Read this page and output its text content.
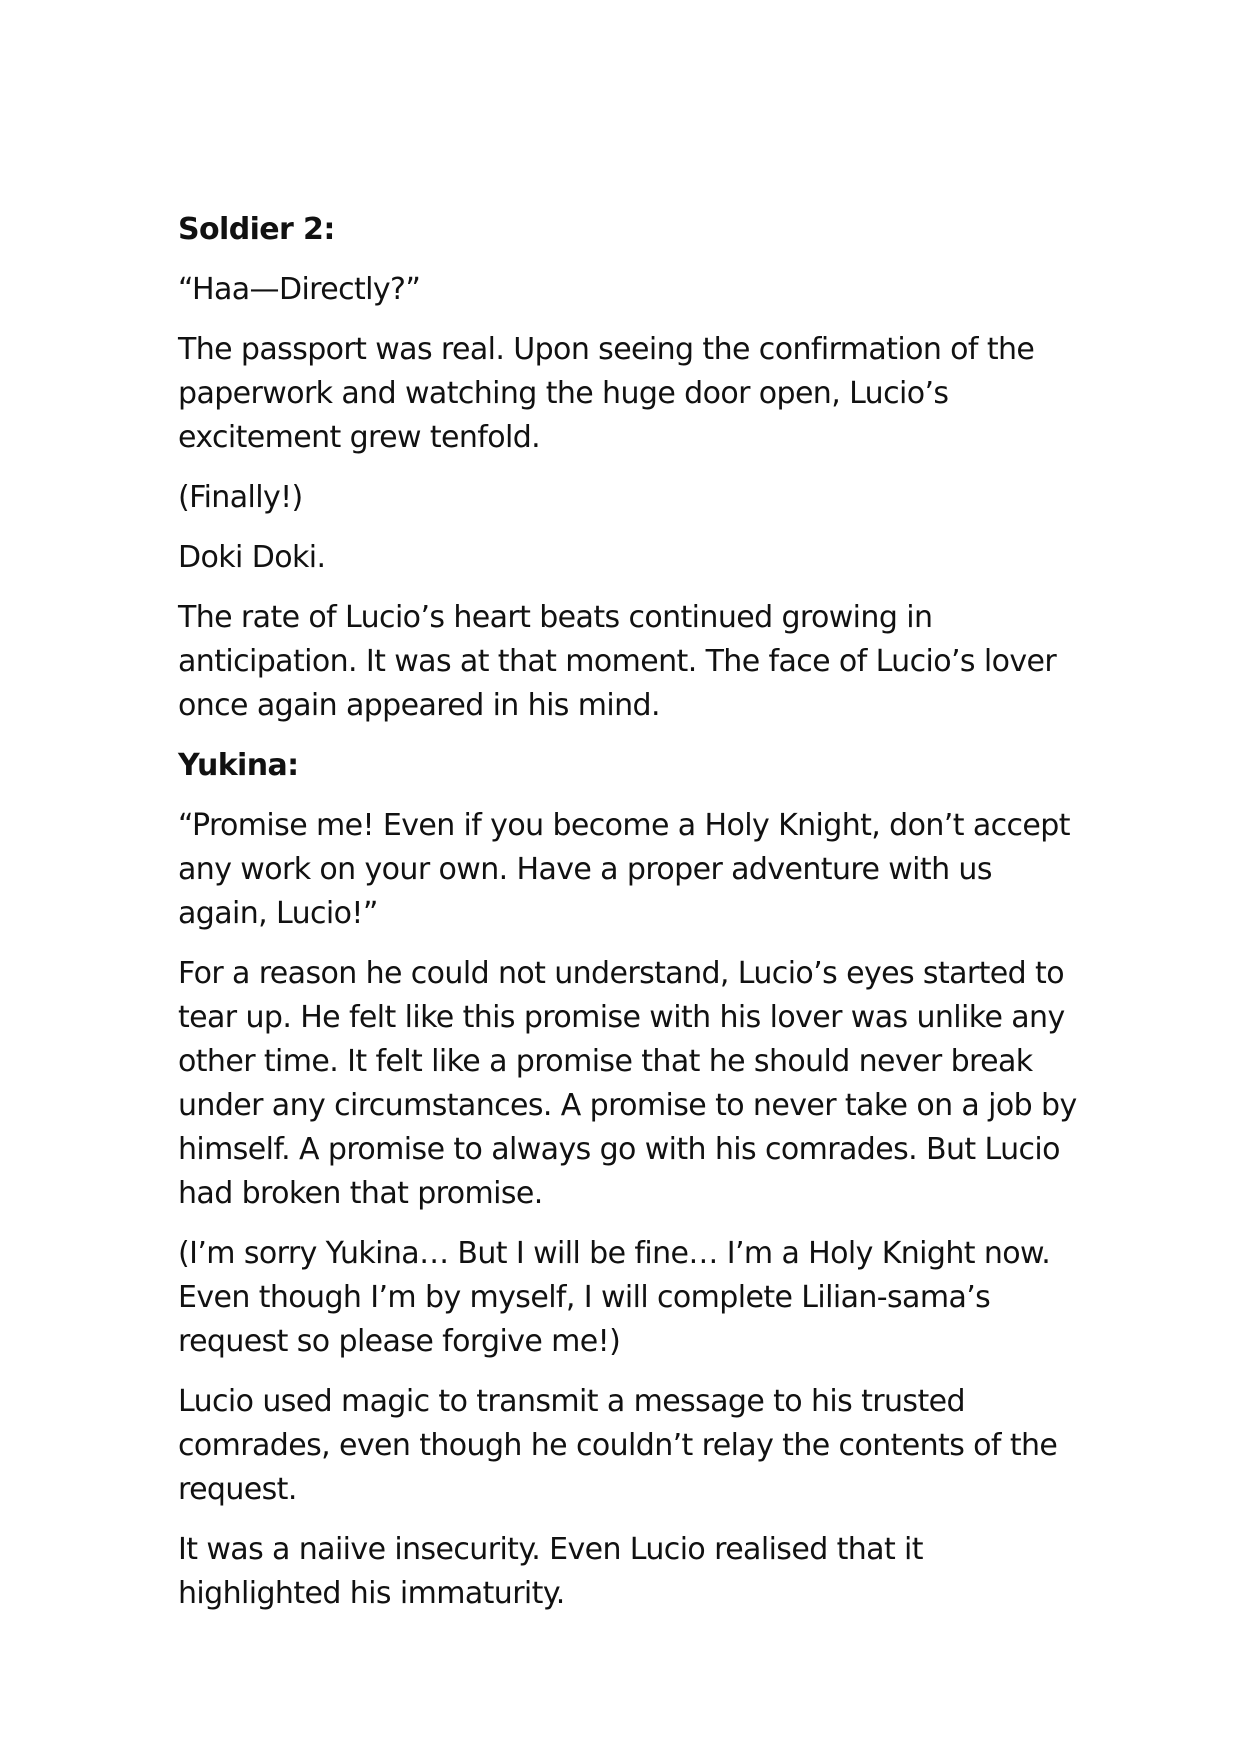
Soldier 2:

“Haa—Directly?”

The passport was real. Upon seeing the confirmation of the paperwork and watching the huge door open, Lucio’s excitement grew tenfold.

(Finally!)

Doki Doki.

The rate of Lucio’s heart beats continued growing in anticipation. It was at that moment. The face of Lucio’s lover once again appeared in his mind.

Yukina:

“Promise me! Even if you become a Holy Knight, don’t accept any work on your own. Have a proper adventure with us again, Lucio!”

For a reason he could not understand, Lucio’s eyes started to tear up. He felt like this promise with his lover was unlike any other time. It felt like a promise that he should never break under any circumstances. A promise to never take on a job by himself. A promise to always go with his comrades. But Lucio had broken that promise.

(I’m sorry Yukina… But I will be fine… I’m a Holy Knight now. Even though I’m by myself, I will complete Lilian-sama’s request so please forgive me!)

Lucio used magic to transmit a message to his trusted comrades, even though he couldn’t relay the contents of the request.

It was a naiive insecurity. Even Lucio realised that it highlighted his immaturity.
